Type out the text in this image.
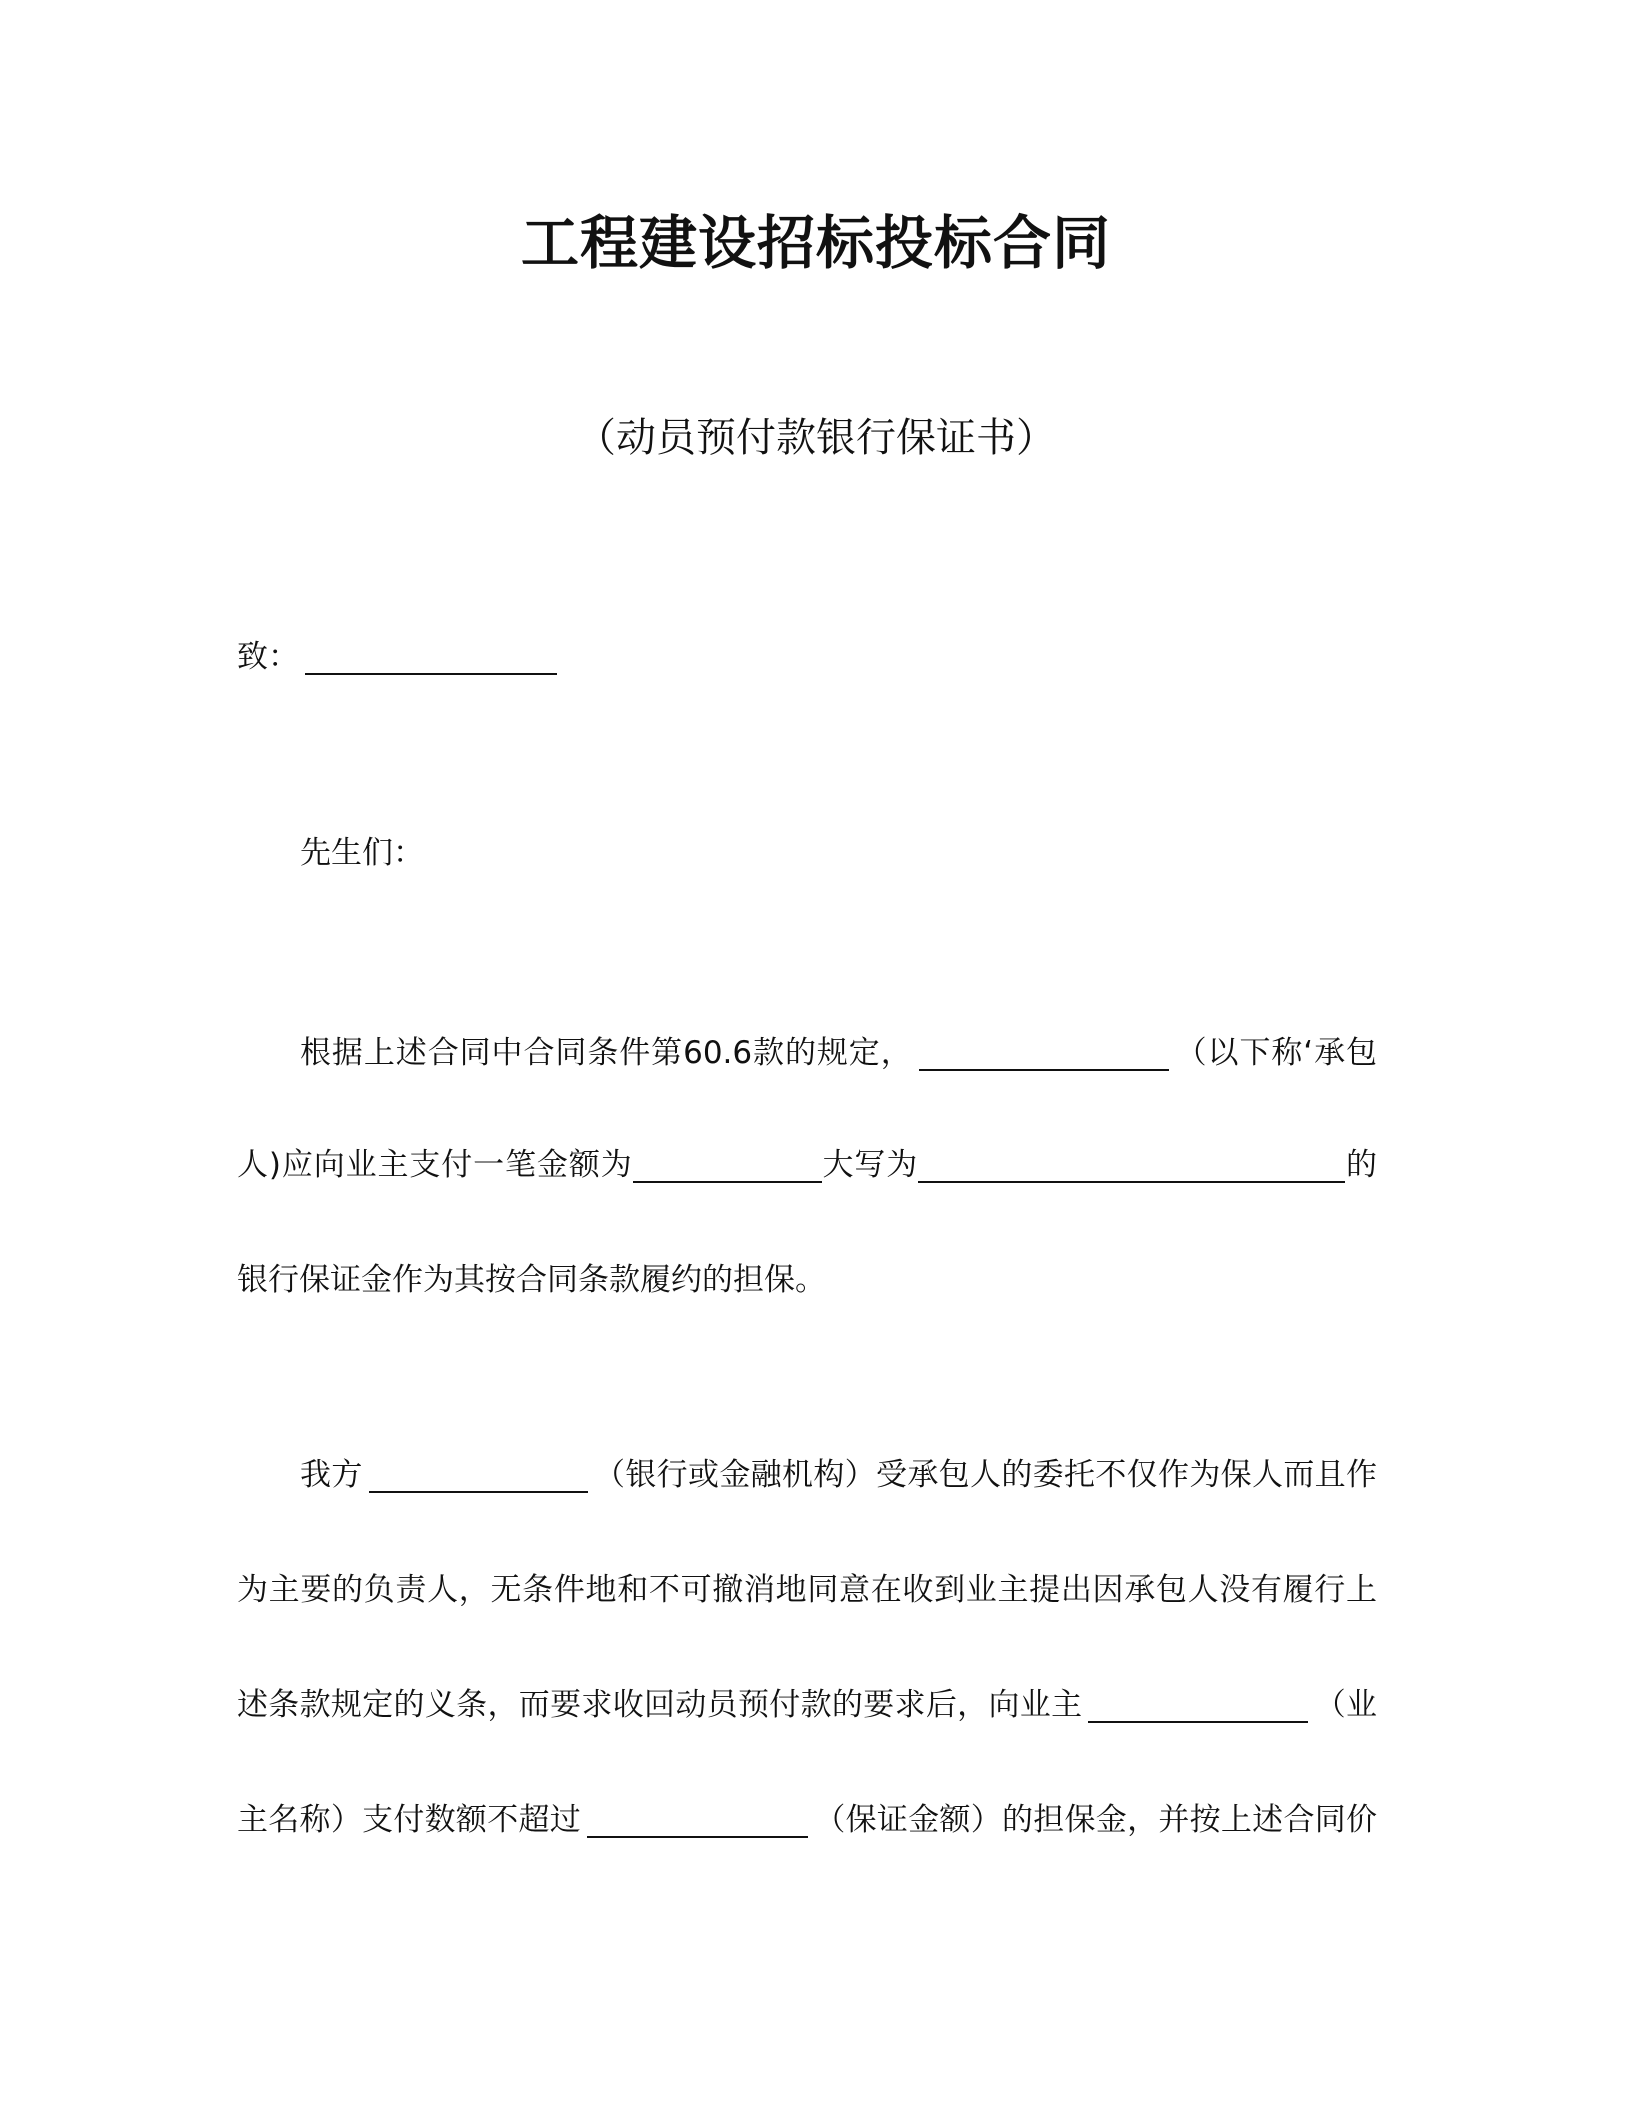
工程建设招标投标合同
（动员预付款银行保证书）
致：
先生们：
根据上述合同中合同条件第60.6款的规定，	（以下称‘承包
人)应向业主支付一笔金额为	大写为	的
银行保证金作为其按合同条款履约的担保。
我方	（银行或金融机构）受承包人的委托不仅作为保人而且作
为主要的负责人，无条件地和不可撤消地同意在收到业主提出因承包人没有履行上
述条款规定的义条，而要求收回动员预付款的要求后，向业主	（业
主名称）支付数额不超过	（保证金额）的担保金，并按上述合同价
